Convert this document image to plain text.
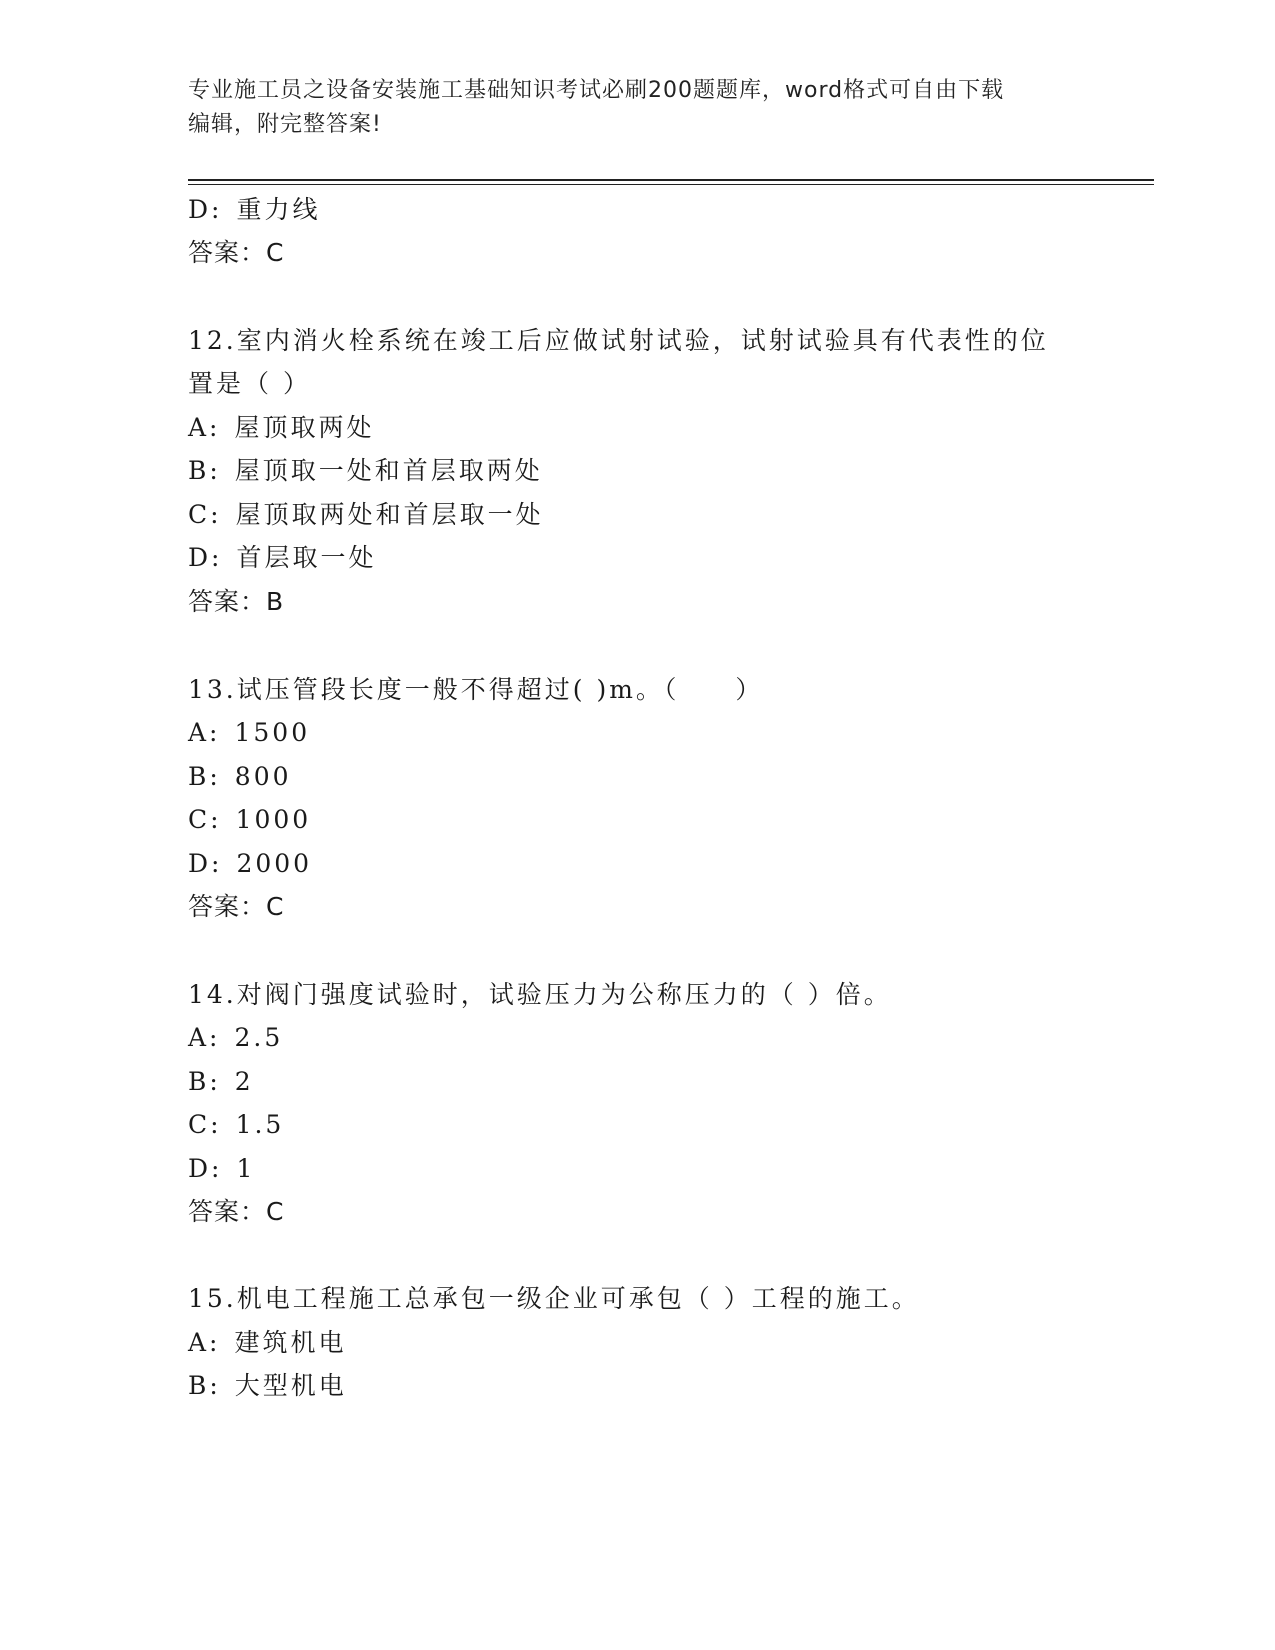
专业施工员之设备安装施工基础知识考试必刷200题题库，word格式可自由下载
编辑，附完整答案!
D: 重力线
答案：C
12.室内消火栓系统在竣工后应做试射试验，试射试验具有代表性的位
置是（ ）
A: 屋顶取两处
B: 屋顶取一处和首层取两处
C: 屋顶取两处和首层取一处
D: 首层取一处
答案：B
13.试压管段长度一般不得超过( )m。（　　）
A: 1500
B: 800
C: 1000
D: 2000
答案：C
14.对阀门强度试验时，试验压力为公称压力的（ ）倍。
A: 2.5
B: 2
C: 1.5
D: 1
答案：C
15.机电工程施工总承包一级企业可承包（ ）工程的施工。
A: 建筑机电
B: 大型机电
